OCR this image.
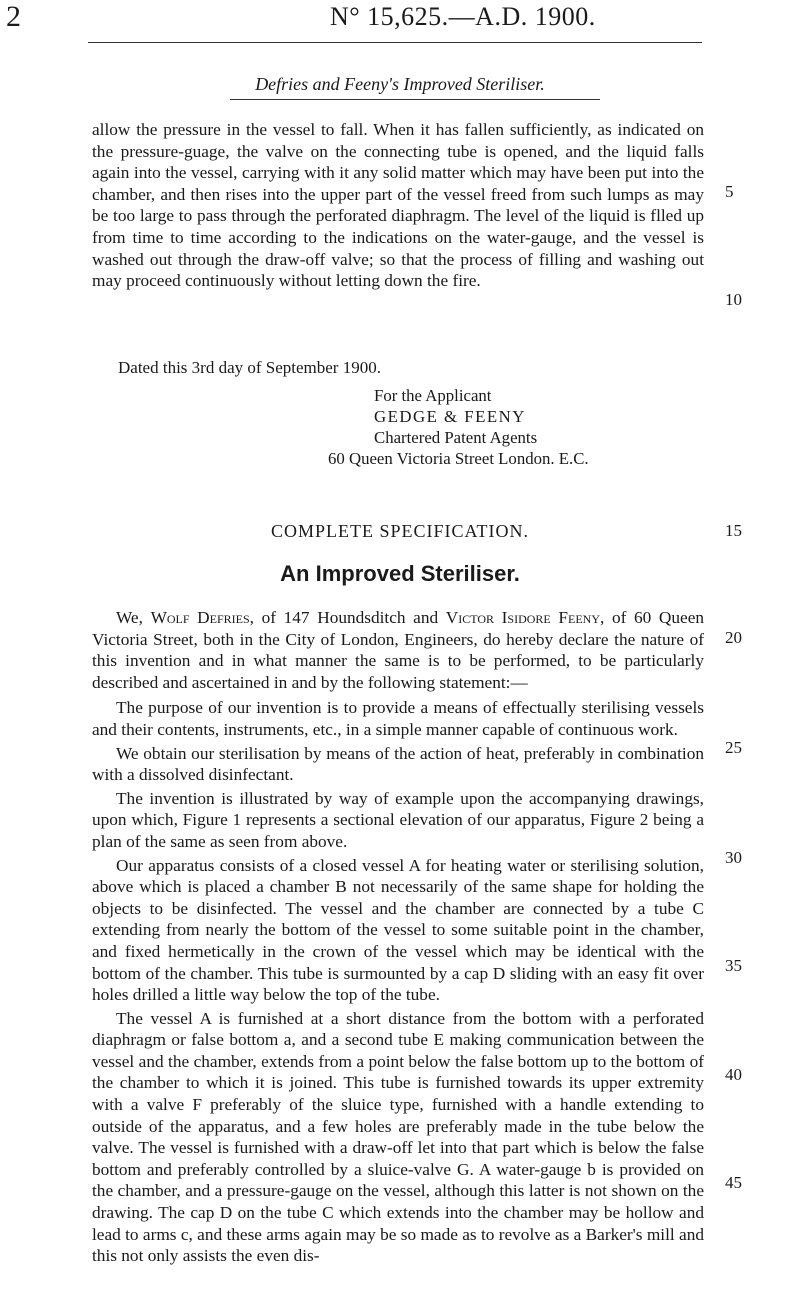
2	N° 15,625.—A.D. 1900.
Defries and Feeny's Improved Steriliser.

allow the pressure in the vessel to fall. When it has fallen sufficiently, as indicated on the pressure-guage, the valve on the connecting tube is opened, and the liquid falls again into the vessel, carrying with it any solid matter which may have been put into the chamber, and then rises into the upper part of the vessel freed from such lumps as may be too large to pass through the perforated diaphragm. The level of the liquid is flled up from time to time according to the indications on the water-gauge, and the vessel is washed out through the draw-off valve; so that the process of filling and washing out may proceed continuously without letting down the fire.

Dated this 3rd day of September 1900.
For the Applicant
GEDGE & FEENY
Chartered Patent Agents
60 Queen Victoria Street London. E.C.
COMPLETE SPECIFICATION.
An Improved Steriliser.

We, Wolf Defries, of 147 Houndsditch and Victor Isidore Feeny, of 60 Queen Victoria Street, both in the City of London, Engineers, do hereby declare the nature of this invention and in what manner the same is to be performed, to be particularly described and ascertained in and by the following statement:—

The purpose of our invention is to provide a means of effectually sterilising vessels and their contents, instruments, etc., in a simple manner capable of continuous work.

We obtain our sterilisation by means of the action of heat, preferably in combination with a dissolved disinfectant.

The invention is illustrated by way of example upon the accompanying drawings, upon which, Figure 1 represents a sectional elevation of our apparatus, Figure 2 being a plan of the same as seen from above.

Our apparatus consists of a closed vessel A for heating water or sterilising solution, above which is placed a chamber B not necessarily of the same shape for holding the objects to be disinfected. The vessel and the chamber are connected by a tube C extending from nearly the bottom of the vessel to some suitable point in the chamber, and fixed hermetically in the crown of the vessel which may be identical with the bottom of the chamber. This tube is surmounted by a cap D sliding with an easy fit over holes drilled a little way below the top of the tube.

The vessel A is furnished at a short distance from the bottom with a perforated diaphragm or false bottom a, and a second tube E making communication between the vessel and the chamber, extends from a point below the false bottom up to the bottom of the chamber to which it is joined. This tube is furnished towards its upper extremity with a valve F preferably of the sluice type, furnished with a handle extending to outside of the apparatus, and a few holes are preferably made in the tube below the valve. The vessel is furnished with a draw-off let into that part which is below the false bottom and preferably controlled by a sluice-valve G. A water-gauge b is provided on the chamber, and a pressure-gauge on the vessel, although this latter is not shown on the drawing. The cap D on the tube C which extends into the chamber may be hollow and lead to arms c, and these arms again may be so made as to revolve as a Barker's mill and this not only assists the even dis-

5
10
15
20
25
30
35
40
45
